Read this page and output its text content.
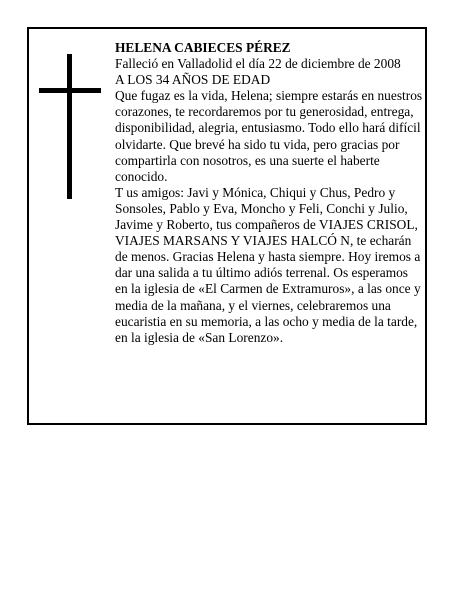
HELENA CABIECES PÉREZ

Falleció en Valladolid el día 22 de diciembre de 2008

A LOS 34 AÑOS DE EDAD

Que fugaz es la vida, Helena; siempre estarás en nuestros corazones, te recordaremos por tu generosidad, entrega, disponibilidad, alegria, entusiasmo. Todo ello hará difícil olvidarte. Que brevé ha sido tu vida, pero gracias por compartirla con nosotros, es una suerte el haberte conocido.

T us amigos: Javi y Mónica, Chiqui y Chus, Pedro y Sonsoles, Pablo y Eva, Moncho y Feli, Conchi y Julio, Javime y Roberto, tus compañeros de VIAJES CRISOL, VIAJES MARSANS Y VIAJES HALCÓ N, te echarán de menos. Gracias Helena y hasta siempre. Hoy iremos a dar una salida a tu último adiós terrenal. Os esperamos en la iglesia de «El Carmen de Extramuros», a las once y media de la mañana, y el viernes, celebraremos una eucaristia en su memoria, a las ocho y media de la tarde, en la iglesia de «San Lorenzo».
